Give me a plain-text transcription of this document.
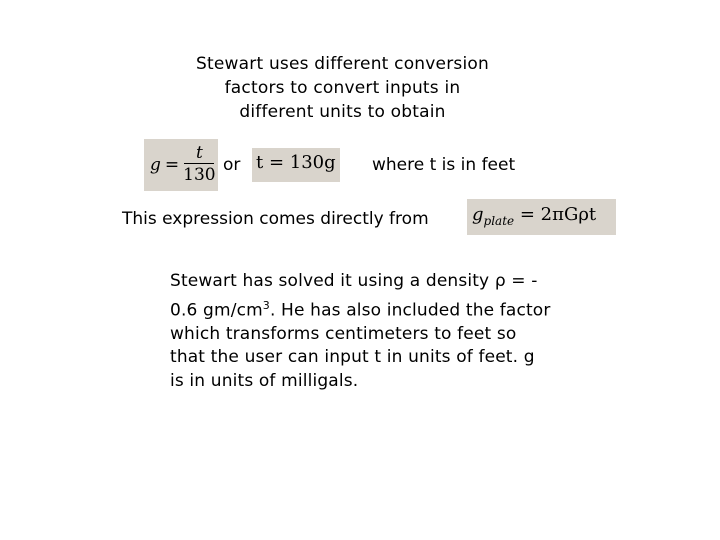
Stewart uses different conversion
factors to convert inputs in
different units to obtain
$g = \frac{t}{130}$ or t = 130g where t is in feet
This expression comes directly from $g_{plate} = 2\pi G\rho t$
Stewart has solved it using a density ρ = -
0.6 $gm/cm^3$. He has also included the factor
which transforms centimeters to feet so
that the user can input t in units of feet. g
is in units of milligals.
